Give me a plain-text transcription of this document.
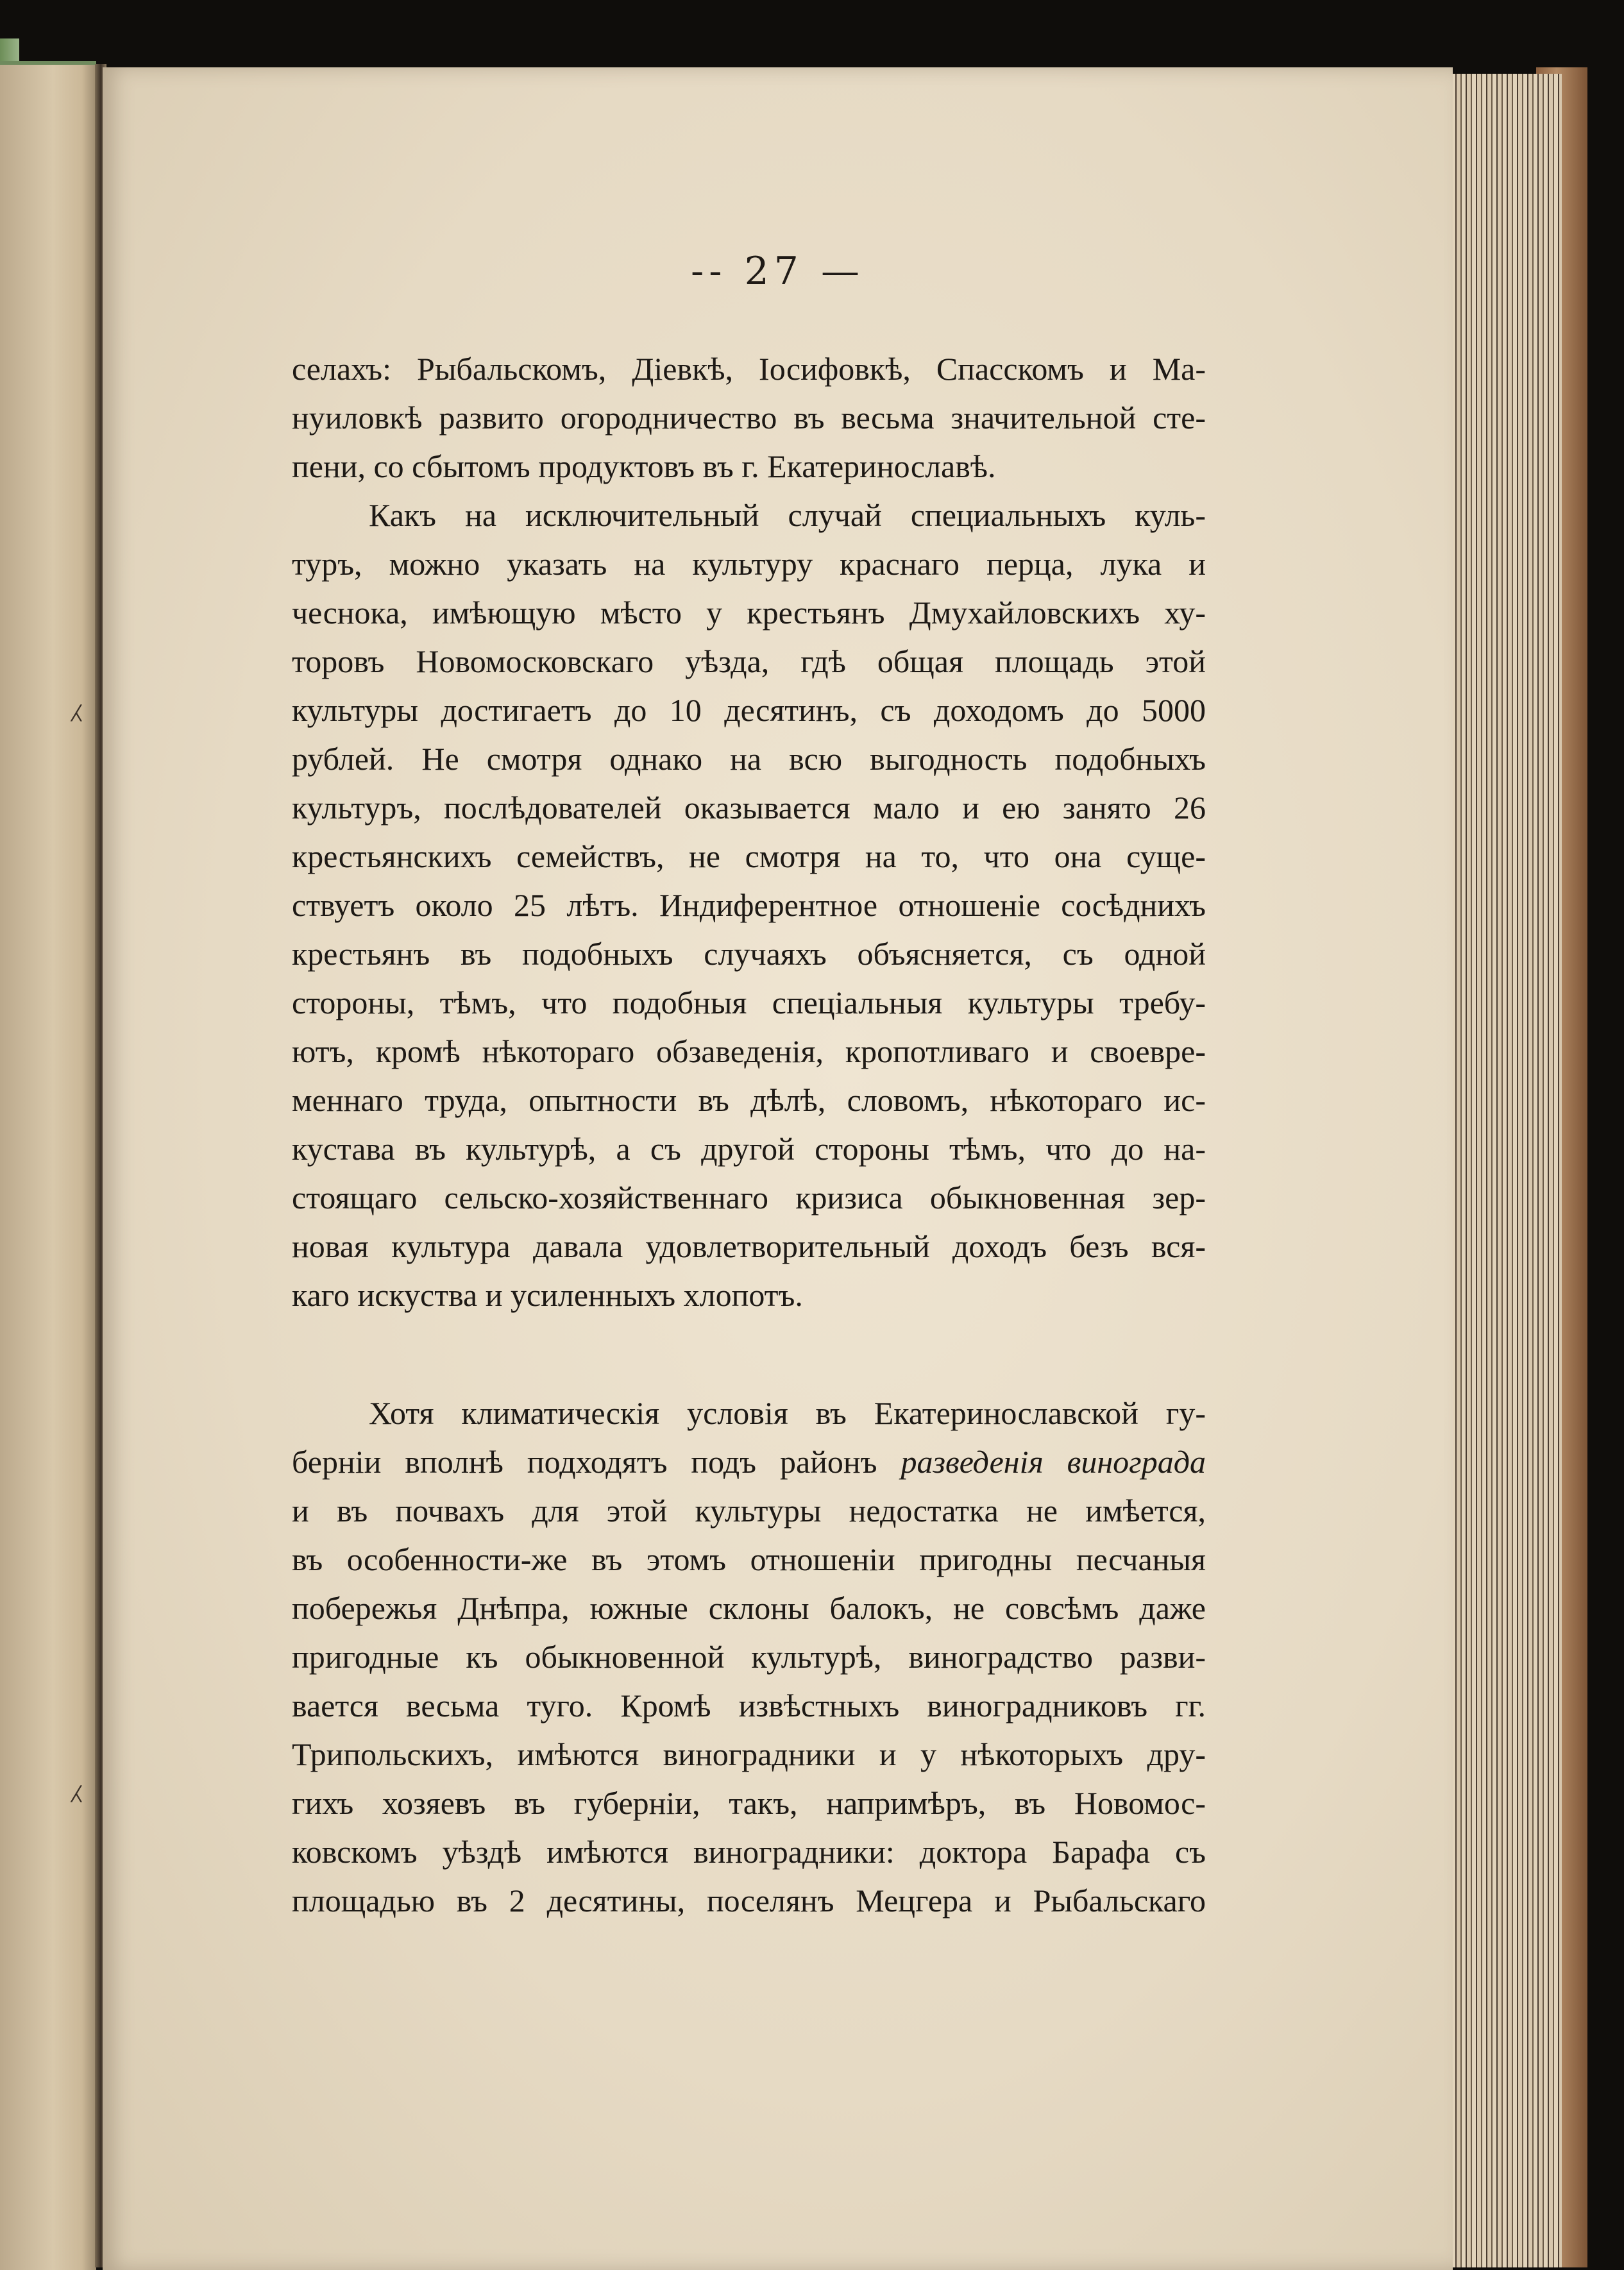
-- 27 —
селахъ: Рыбальскомъ, Діевкѣ, Іосифовкѣ, Спасскомъ и Ма-
нуиловкѣ развито огородничество въ весьма значительной сте-
пени, со сбытомъ продуктовъ въ г. Екатеринославѣ.
Какъ на исключительный случай специальныхъ куль-
туръ, можно указать на культуру краснаго перца, лука и
чеснока, имѣющую мѣсто у крестьянъ Дмухайловскихъ ху-
торовъ Новомосковскаго уѣзда, гдѣ общая площадь этой
культуры достигаетъ до 10 десятинъ, съ доходомъ до 5000
рублей. Не смотря однако на всю выгодность подобныхъ
культуръ, послѣдователей оказывается мало и ею занято 26
крестьянскихъ семействъ, не смотря на то, что она суще-
ствуетъ около 25 лѣтъ. Индиферентное отношеніе сосѣднихъ
крестьянъ въ подобныхъ случаяхъ объясняется, съ одной
стороны, тѣмъ, что подобныя спеціальныя культуры требу-
ютъ, кромѣ нѣкотораго обзаведенія, кропотливаго и своевре-
меннаго труда, опытности въ дѣлѣ, словомъ, нѣкотораго ис-
кустава въ культурѣ, а съ другой стороны тѣмъ, что до на-
стоящаго сельско-хозяйственнаго кризиса обыкновенная зер-
новая культура давала удовлетворительный доходъ безъ вся-
каго искуства и усиленныхъ хлопотъ.
Хотя климатическія условія въ Екатеринославской гу-
берніи вполнѣ подходятъ подъ районъ разведенія винограда
и въ почвахъ для этой культуры недостатка не имѣется,
въ особенности-же въ этомъ отношеніи пригодны песчаныя
побережья Днѣпра, южные склоны балокъ, не совсѣмъ даже
пригодные къ обыкновенной культурѣ, виноградство разви-
вается весьма туго. Кромѣ извѣстныхъ виноградниковъ гг.
Трипольскихъ, имѣются виноградники и у нѣкоторыхъ дру-
гихъ хозяевъ въ губерніи, такъ, напримѣръ, въ Новомос-
ковскомъ уѣздѣ имѣются виноградники: доктора Барафа съ
площадью въ 2 десятины, поселянъ Мецгера и Рыбальскаго
⁁
⁁
